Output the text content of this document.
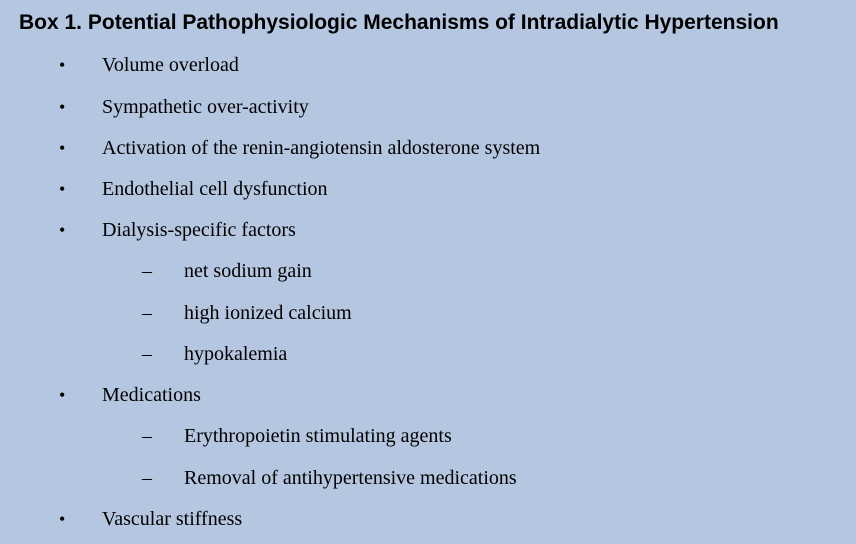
Box 1. Potential Pathophysiologic Mechanisms of Intradialytic Hypertension
• Volume overload
• Sympathetic over-activity
• Activation of the renin-angiotensin aldosterone system
• Endothelial cell dysfunction
• Dialysis-specific factors
– net sodium gain
– high ionized calcium
– hypokalemia
• Medications
– Erythropoietin stimulating agents
– Removal of antihypertensive medications
• Vascular stiffness
